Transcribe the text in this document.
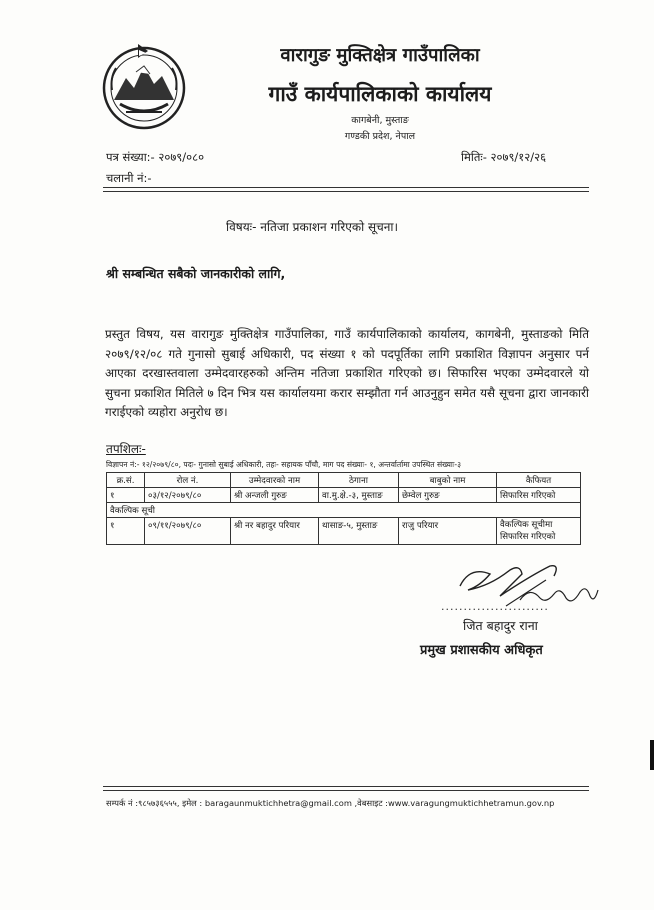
वारागुङ मुक्तिक्षेत्र गाउँपालिका
गाउँ कार्यपालिकाको कार्यालय
कागबेनी, मुस्ताङ
गण्डकी प्रदेश, नेपाल
पत्र संख्या:- २०७९/०८०	मितिः- २०७९/१२/२६
चलानी नं:-
विषयः- नतिजा प्रकाशन गरिएको सूचना।
श्री सम्बन्धित सबैको जानकारीको लागि,
प्रस्तुत विषय, यस वारागुङ मुक्तिक्षेत्र गाउँपालिका, गाउँ कार्यपालिकाको कार्यालय, कागबेनी, मुस्ताङको मिति २०७९/१२/०८ गते गुनासो सुबाई अधिकारी, पद संख्या १ को पदपूर्तिका लागि प्रकाशित विज्ञापन अनुसार पर्न आएका दरखास्तवाला उम्मेदवारहरुको अन्तिम नतिजा प्रकाशित गरिएको छ। सिफारिस भएका उम्मेदवारले यो सुचना प्रकाशित मितिले ७ दिन भित्र यस कार्यालयमा करार सम्झौता गर्न आउनुहुन समेत यसै सूचना द्वारा जानकारी गराईएको व्यहोरा अनुरोध छ।
तपशिलः-
विज्ञापन नं:- १२/२०७९/८०, पदः- गुनासो सुबाई अधिकारी, तहः- सहायक पाँचौ, माग पद संख्याः- १, अन्तर्वार्तामा उपस्थित संख्याः-३
क्र.सं.	रोल नं.	उम्मेदवारको नाम	ठेगाना	बाबुको नाम	कैफियत
१	०३/१२/२०७९/८०	श्री अन्जली गुरुङ	वा.मु.क्षे.-३, मुस्ताङ	छेम्वेल गुरुङ	सिफारिस गरिएको
वैकल्पिक सूची					
१	०९/११/२०७९/८०	श्री नर बहादुर परियार	थासाङ-५, मुस्ताङ	राजु परियार	वैकल्पिक सूचीमा सिफारिस गरिएको
........................
जित बहादुर राना
प्रमुख प्रशासकीय अधिकृत
सम्पर्क नं :९८५७३६५५५, इमेल : baragaunmuktichhetra@gmail.com ,वेबसाइट :www.varagungmuktichhetramun.gov.np
